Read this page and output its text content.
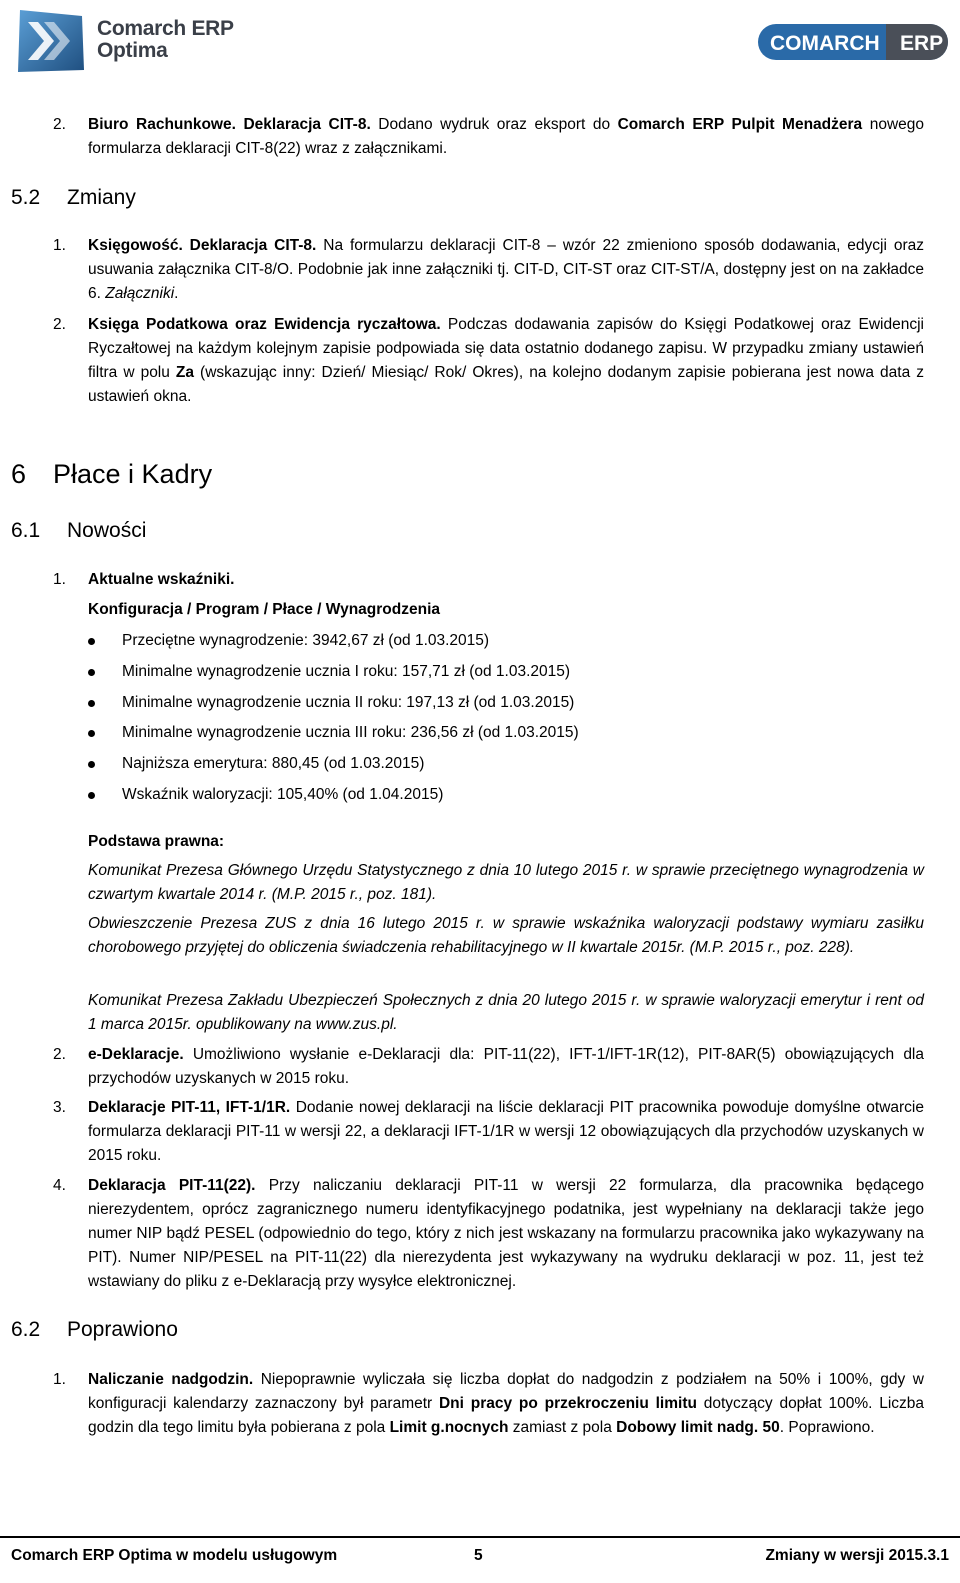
Comarch ERP
Optima	COMARCH ERP
2. Biuro Rachunkowe. Deklaracja CIT-8. Dodano wydruk oraz eksport do Comarch ERP Pulpit Menadżera nowego formularza deklaracji CIT-8(22) wraz z załącznikami.
5.2 Zmiany
1. Księgowość. Deklaracja CIT-8. Na formularzu deklaracji CIT-8 – wzór 22 zmieniono sposób dodawania, edycji oraz usuwania załącznika CIT-8/O. Podobnie jak inne załączniki tj. CIT-D, CIT-ST oraz CIT-ST/A, dostępny jest on na zakładce 6. Załączniki.
2. Księga Podatkowa oraz Ewidencja ryczałtowa. Podczas dodawania zapisów do Księgi Podatkowej oraz Ewidencji Ryczałtowej na każdym kolejnym zapisie podpowiada się data ostatnio dodanego zapisu. W przypadku zmiany ustawień filtra w polu Za (wskazując inny: Dzień/ Miesiąc/ Rok/ Okres), na kolejno dodanym zapisie pobierana jest nowa data z ustawień okna.
6 Płace i Kadry
6.1 Nowości
1. Aktualne wskaźniki.
Konfiguracja / Program / Płace / Wynagrodzenia
Przeciętne wynagrodzenie: 3942,67 zł (od 1.03.2015)
Minimalne wynagrodzenie ucznia I roku: 157,71 zł (od 1.03.2015)
Minimalne wynagrodzenie ucznia II roku: 197,13 zł (od 1.03.2015)
Minimalne wynagrodzenie ucznia III roku: 236,56 zł (od 1.03.2015)
Najniższa emerytura: 880,45 (od 1.03.2015)
Wskaźnik waloryzacji: 105,40% (od 1.04.2015)
Podstawa prawna:
Komunikat Prezesa Głównego Urzędu Statystycznego z dnia 10 lutego 2015 r. w sprawie przeciętnego wynagrodzenia w czwartym kwartale 2014 r. (M.P. 2015 r., poz. 181).
Obwieszczenie Prezesa ZUS z dnia 16 lutego 2015 r. w sprawie wskaźnika waloryzacji podstawy wymiaru zasiłku chorobowego przyjętej do obliczenia świadczenia rehabilitacyjnego w II kwartale 2015r. (M.P. 2015 r., poz. 228).
Komunikat Prezesa Zakładu Ubezpieczeń Społecznych z dnia 20 lutego 2015 r. w sprawie waloryzacji emerytur i rent od 1 marca 2015r. opublikowany na www.zus.pl.
2. e-Deklaracje. Umożliwiono wysłanie e-Deklaracji dla: PIT-11(22), IFT-1/IFT-1R(12), PIT-8AR(5) obowiązujących dla przychodów uzyskanych w 2015 roku.
3. Deklaracje PIT-11, IFT-1/1R. Dodanie nowej deklaracji na liście deklaracji PIT pracownika powoduje domyślne otwarcie formularza deklaracji PIT-11 w wersji 22, a deklaracji IFT-1/1R w wersji 12 obowiązujących dla przychodów uzyskanych w 2015 roku.
4. Deklaracja PIT-11(22). Przy naliczaniu deklaracji PIT-11 w wersji 22 formularza, dla pracownika będącego nierezydentem, oprócz zagranicznego numeru identyfikacyjnego podatnika, jest wypełniany na deklaracji także jego numer NIP bądź PESEL (odpowiednio do tego, który z nich jest wskazany na formularzu pracownika jako wykazywany na PIT). Numer NIP/PESEL na PIT-11(22) dla nierezydenta jest wykazywany na wydruku deklaracji w poz. 11, jest też wstawiany do pliku z e-Deklaracją przy wysyłce elektronicznej.
6.2 Poprawiono
1. Naliczanie nadgodzin. Niepoprawnie wyliczała się liczba dopłat do nadgodzin z podziałem na 50% i 100%, gdy w konfiguracji kalendarzy zaznaczony był parametr Dni pracy po przekroczeniu limitu dotyczący dopłat 100%. Liczba godzin dla tego limitu była pobierana z pola Limit g.nocnych zamiast z pola Dobowy limit nadg. 50. Poprawiono.
Comarch ERP Optima w modelu usługowym	5	Zmiany w wersji 2015.3.1
